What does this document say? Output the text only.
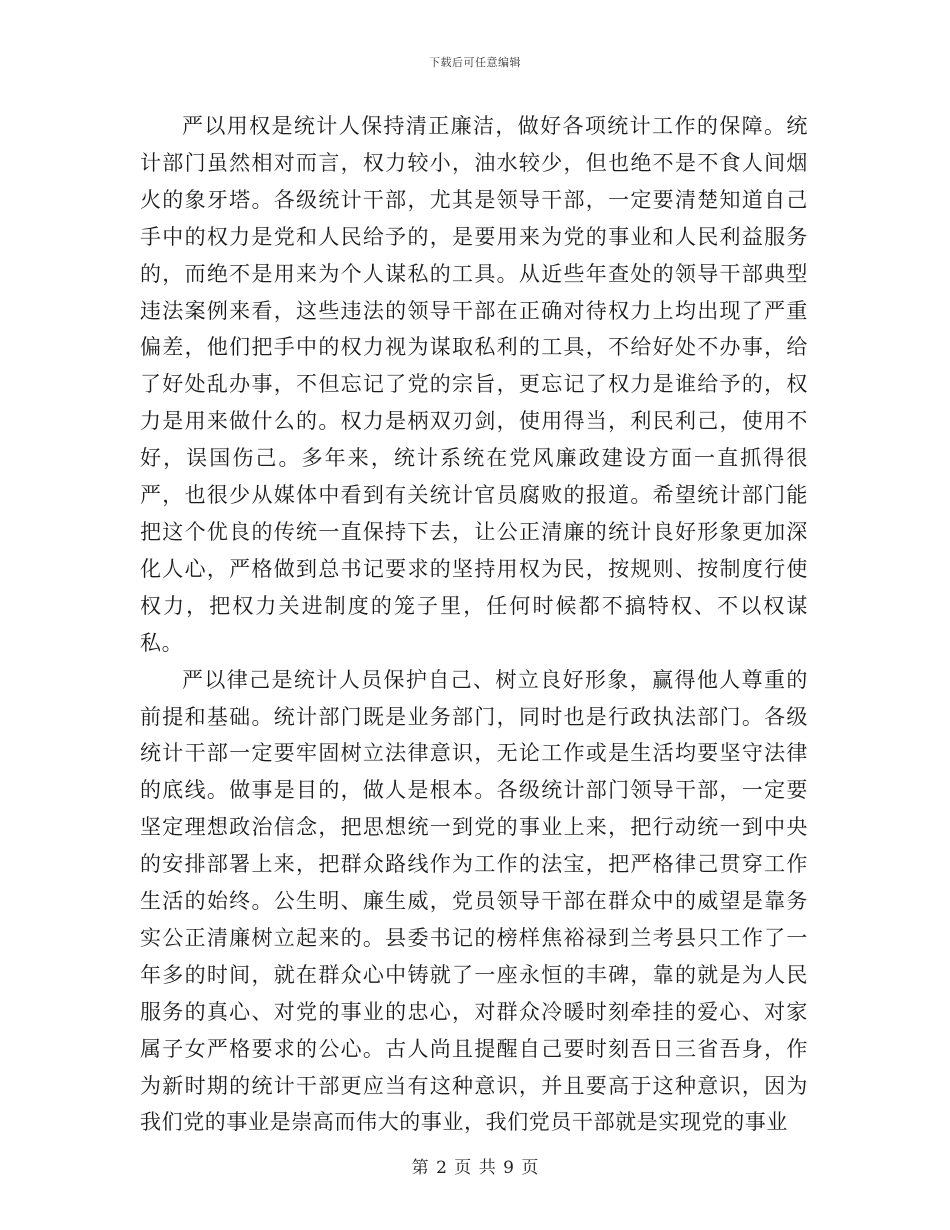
下载后可任意编辑

严以用权是统计人保持清正廉洁，做好各项统计工作的保障。统计部门虽然相对而言，权力较小，油水较少，但也绝不是不食人间烟火的象牙塔。各级统计干部，尤其是领导干部，一定要清楚知道自己手中的权力是党和人民给予的，是要用来为党的事业和人民利益服务的，而绝不是用来为个人谋私的工具。从近些年查处的领导干部典型违法案例来看，这些违法的领导干部在正确对待权力上均出现了严重偏差，他们把手中的权力视为谋取私利的工具，不给好处不办事，给了好处乱办事，不但忘记了党的宗旨，更忘记了权力是谁给予的，权力是用来做什么的。权力是柄双刃剑，使用得当，利民利己，使用不好，误国伤己。多年来，统计系统在党风廉政建设方面一直抓得很严，也很少从媒体中看到有关统计官员腐败的报道。希望统计部门能把这个优良的传统一直保持下去，让公正清廉的统计良好形象更加深化人心，严格做到总书记要求的坚持用权为民，按规则、按制度行使权力，把权力关进制度的笼子里，任何时候都不搞特权、不以权谋私。

严以律己是统计人员保护自己、树立良好形象，赢得他人尊重的前提和基础。统计部门既是业务部门，同时也是行政执法部门。各级统计干部一定要牢固树立法律意识，无论工作或是生活均要坚守法律的底线。做事是目的，做人是根本。各级统计部门领导干部，一定要坚定理想政治信念，把思想统一到党的事业上来，把行动统一到中央的安排部署上来，把群众路线作为工作的法宝，把严格律己贯穿工作生活的始终。公生明、廉生威，党员领导干部在群众中的威望是靠务实公正清廉树立起来的。县委书记的榜样焦裕禄到兰考县只工作了一年多的时间，就在群众心中铸就了一座永恒的丰碑，靠的就是为人民服务的真心、对党的事业的忠心，对群众冷暖时刻牵挂的爱心、对家属子女严格要求的公心。古人尚且提醒自己要时刻吾日三省吾身，作为新时期的统计干部更应当有这种意识，并且要高于这种意识，因为我们党的事业是崇高而伟大的事业，我们党员干部就是实现党的事业

第 2 页 共 9 页
